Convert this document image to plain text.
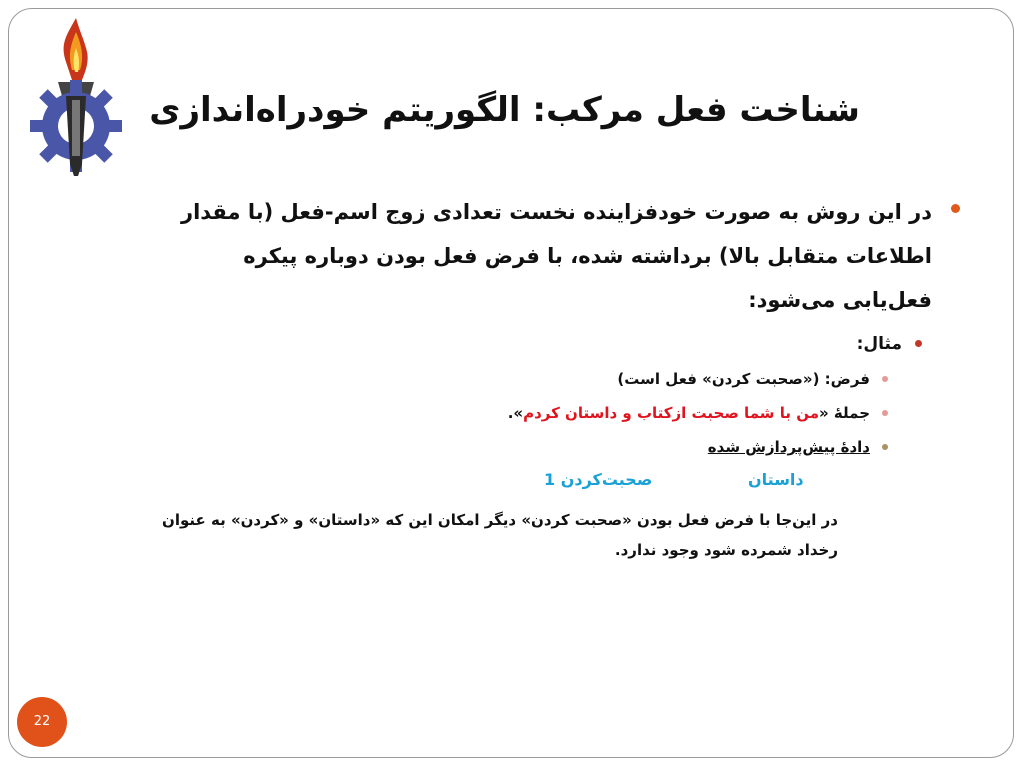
شناخت فعل مرکب: الگوریتم خودراه‌اندازی
در این روش به صورت خودفزاینده نخست تعدادی زوج اسم-فعل (با مقدار اطلاعات متقابل بالا) برداشته شده، با فرض فعل بودن دوباره پیکره فعل‌یابی می‌شود:
مثال:
فرض: («صحبت کردن» فعل است)
جملۀ «من با شما صحبت ازکتاب و داستان کردم».
دادۀ پیش‌پردازش شده
داستان
صحبت‌کردن 1
در این‌جا با فرض فعل بودن «صحبت کردن» دیگر امکان این که «داستان» و «کردن» به عنوان رخداد شمرده شود وجود ندارد.
22
